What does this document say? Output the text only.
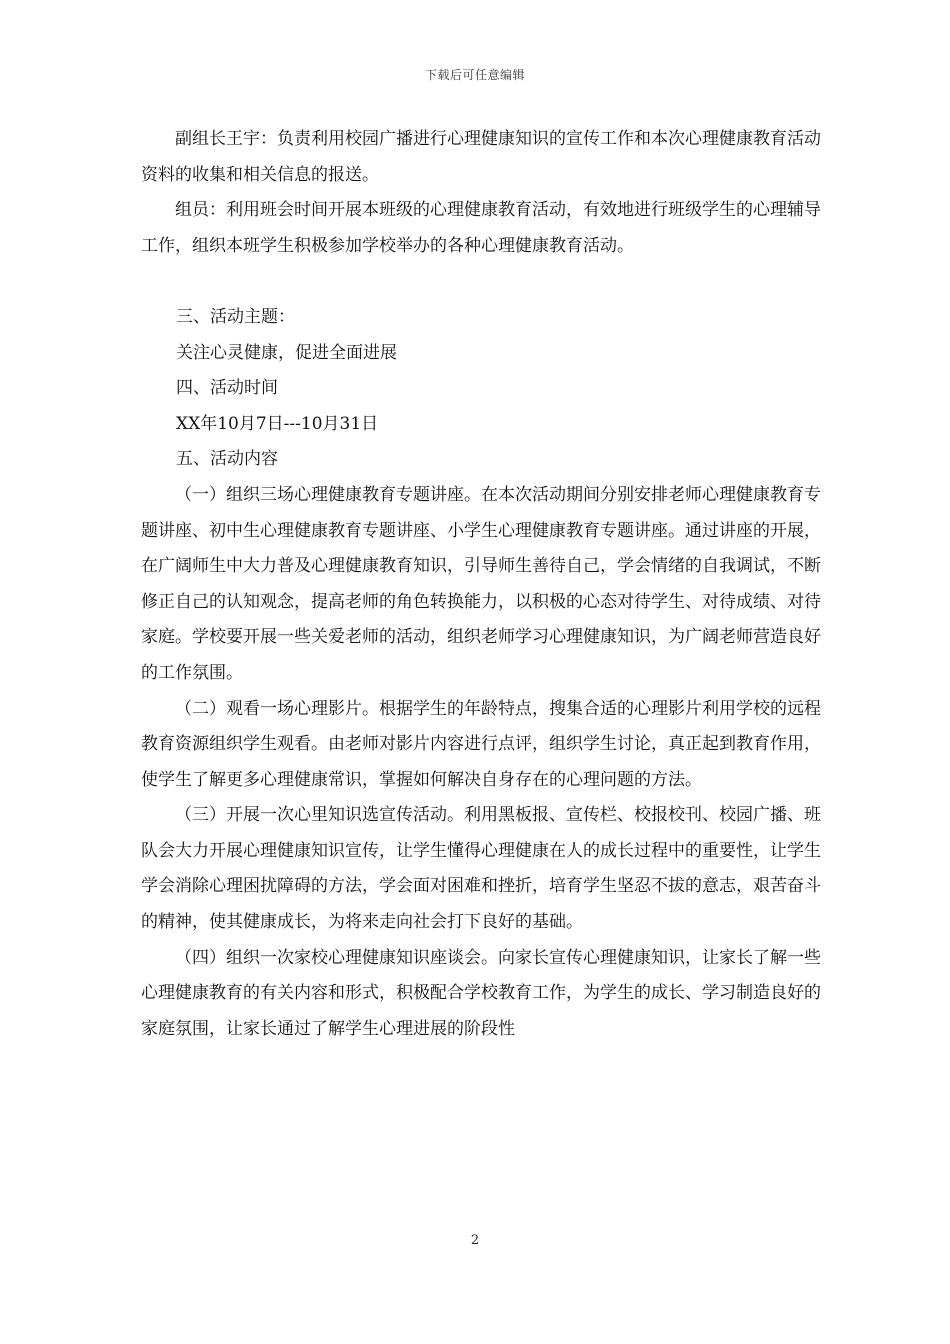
下载后可任意编辑

副组长王宇：负责利用校园广播进行心理健康知识的宣传工作和本次心理健康教育活动资料的收集和相关信息的报送。

组员：利用班会时间开展本班级的心理健康教育活动，有效地进行班级学生的心理辅导工作，组织本班学生积极参加学校举办的各种心理健康教育活动。

三、活动主题：

关注心灵健康，促进全面进展

四、活动时间

XX年10月7日---10月31日

五、活动内容

（一）组织三场心理健康教育专题讲座。在本次活动期间分别安排老师心理健康教育专题讲座、初中生心理健康教育专题讲座、小学生心理健康教育专题讲座。通过讲座的开展，在广阔师生中大力普及心理健康教育知识，引导师生善待自己，学会情绪的自我调试，不断修正自己的认知观念，提高老师的角色转换能力，以积极的心态对待学生、对待成绩、对待家庭。学校要开展一些关爱老师的活动，组织老师学习心理健康知识，为广阔老师营造良好的工作氛围。

（二）观看一场心理影片。根据学生的年龄特点，搜集合适的心理影片利用学校的远程教育资源组织学生观看。由老师对影片内容进行点评，组织学生讨论，真正起到教育作用，使学生了解更多心理健康常识，掌握如何解决自身存在的心理问题的方法。

（三）开展一次心里知识选宣传活动。利用黑板报、宣传栏、校报校刊、校园广播、班队会大力开展心理健康知识宣传，让学生懂得心理健康在人的成长过程中的重要性，让学生学会消除心理困扰障碍的方法，学会面对困难和挫折，培育学生坚忍不拔的意志，艰苦奋斗的精神，使其健康成长，为将来走向社会打下良好的基础。

（四）组织一次家校心理健康知识座谈会。向家长宣传心理健康知识，让家长了解一些心理健康教育的有关内容和形式，积极配合学校教育工作，为学生的成长、学习制造良好的家庭氛围，让家长通过了解学生心理进展的阶段性

2
